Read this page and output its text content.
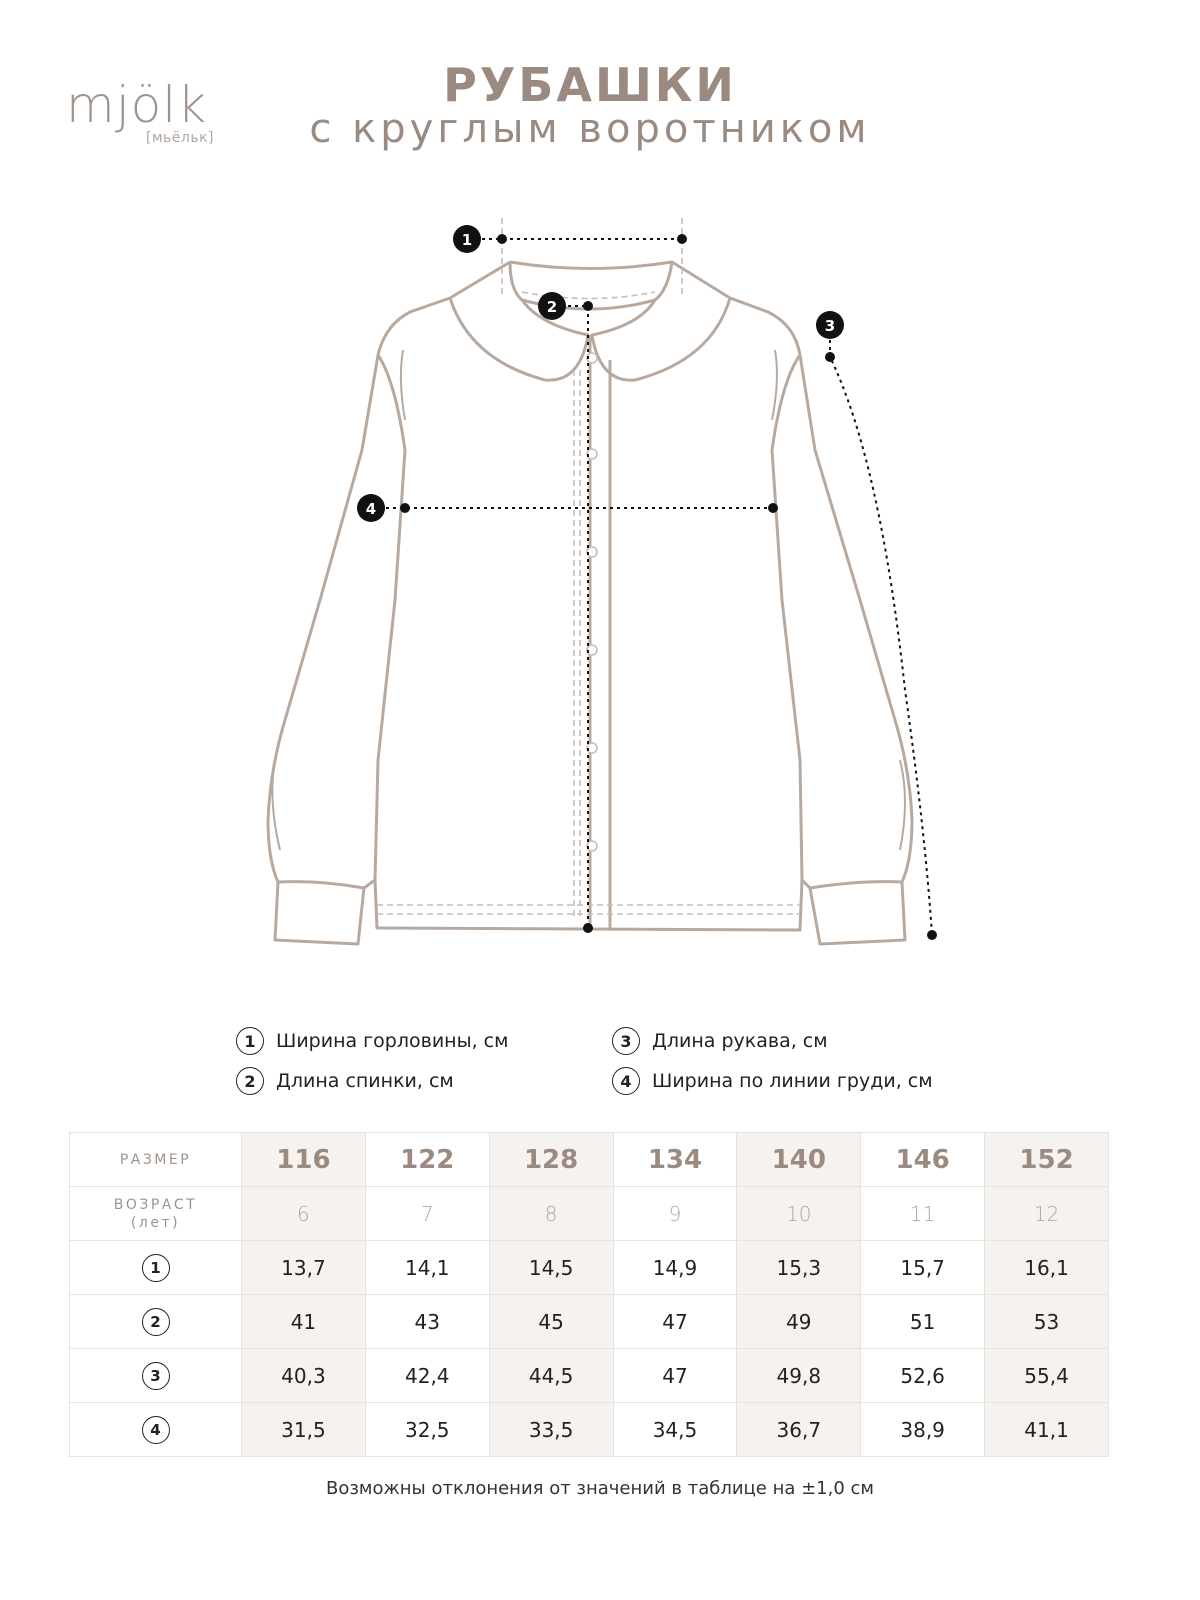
mjölk
[мьёльк]
РУБАШКИ
с круглым воротником
1
2
3
4
1	Ширина горловины, см
2	Длина спинки, см
3	Длина рукава, см
4	Ширина по линии груди, см
РАЗМЕР	116	122	128	134	140	146	152
ВОЗРАСТ
(лет)	6	7	8	9	10	11	12
1	13,7	14,1	14,5	14,9	15,3	15,7	16,1
2	41	43	45	47	49	51	53
3	40,3	42,4	44,5	47	49,8	52,6	55,4
4	31,5	32,5	33,5	34,5	36,7	38,9	41,1
Возможны отклонения от значений в таблице на ±1,0 см
